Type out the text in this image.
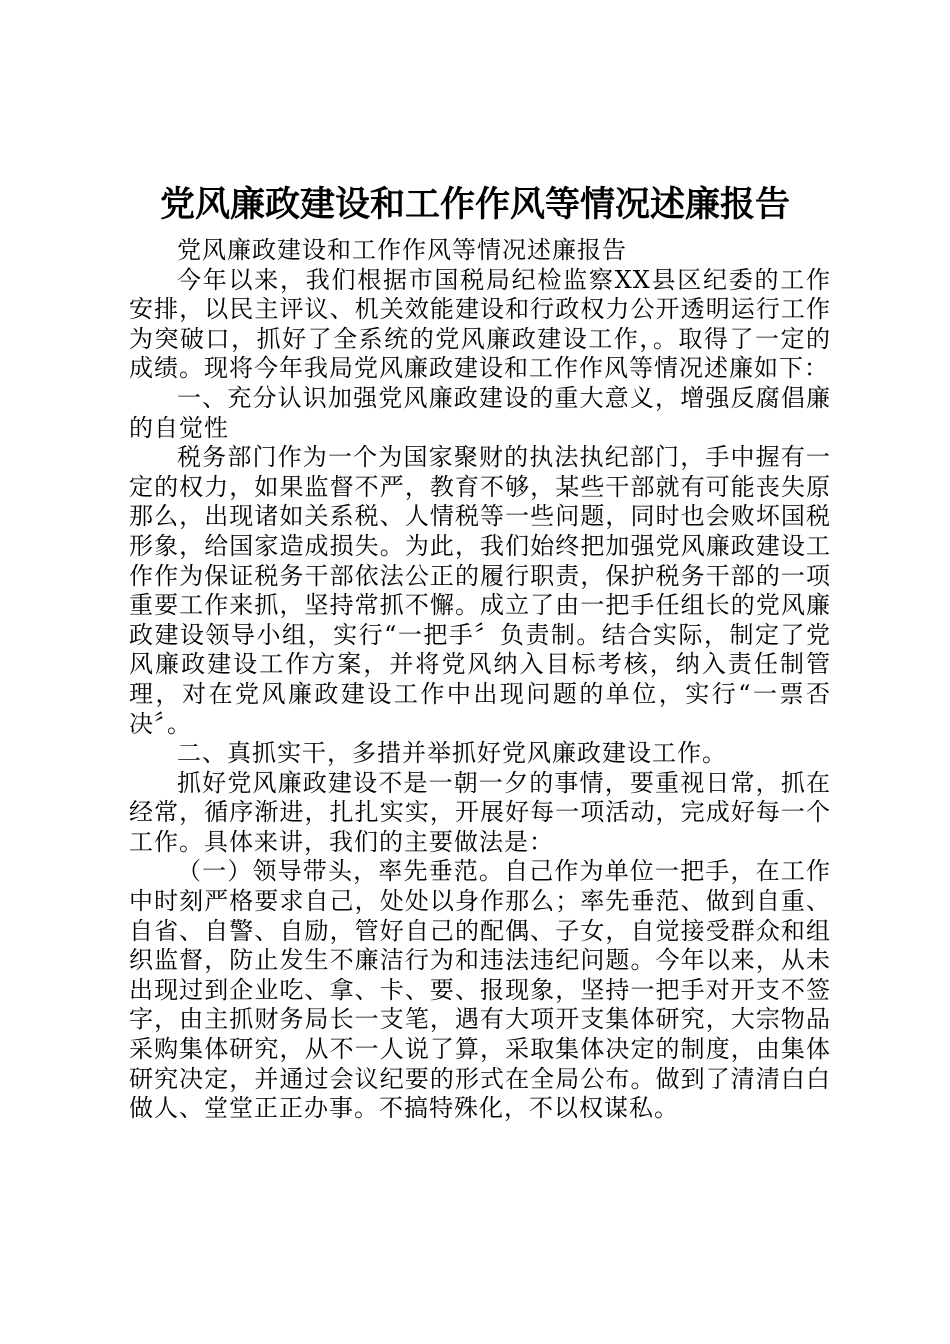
党风廉政建设和工作作风等情况述廉报告

党风廉政建设和工作作风等情况述廉报告

今年以来，我们根据市国税局纪检监察XX县区纪委的工作安排，以民主评议、机关效能建设和行政权力公开透明运行工作为突破口，抓好了全系统的党风廉政建设工作，。取得了一定的成绩。现将今年我局党风廉政建设和工作作风等情况述廉如下：

一、充分认识加强党风廉政建设的重大意义，增强反腐倡廉的自觉性

税务部门作为一个为国家聚财的执法执纪部门，手中握有一定的权力，如果监督不严，教育不够，某些干部就有可能丧失原那么，出现诸如关系税、人情税等一些问题，同时也会败坏国税形象，给国家造成损失。为此，我们始终把加强党风廉政建设工作作为保证税务干部依法公正的履行职责，保护税务干部的一项重要工作来抓，坚持常抓不懈。成立了由一把手任组长的党风廉政建设领导小组，实行“一把手〞负责制。结合实际，制定了党风廉政建设工作方案，并将党风纳入目标考核，纳入责任制管理，对在党风廉政建设工作中出现问题的单位，实行“一票否决〞。

二、真抓实干，多措并举抓好党风廉政建设工作。

抓好党风廉政建设不是一朝一夕的事情，要重视日常，抓在经常，循序渐进，扎扎实实，开展好每一项活动，完成好每一个工作。具体来讲，我们的主要做法是：

（一）领导带头，率先垂范。自己作为单位一把手，在工作中时刻严格要求自己，处处以身作那么；率先垂范、做到自重、自省、自警、自励，管好自己的配偶、子女，自觉接受群众和组织监督，防止发生不廉洁行为和违法违纪问题。今年以来，从未出现过到企业吃、拿、卡、要、报现象，坚持一把手对开支不签字，由主抓财务局长一支笔，遇有大项开支集体研究，大宗物品采购集体研究，从不一人说了算，采取集体决定的制度，由集体研究决定，并通过会议纪要的形式在全局公布。做到了清清白白做人、堂堂正正办事。不搞特殊化，不以权谋私。
